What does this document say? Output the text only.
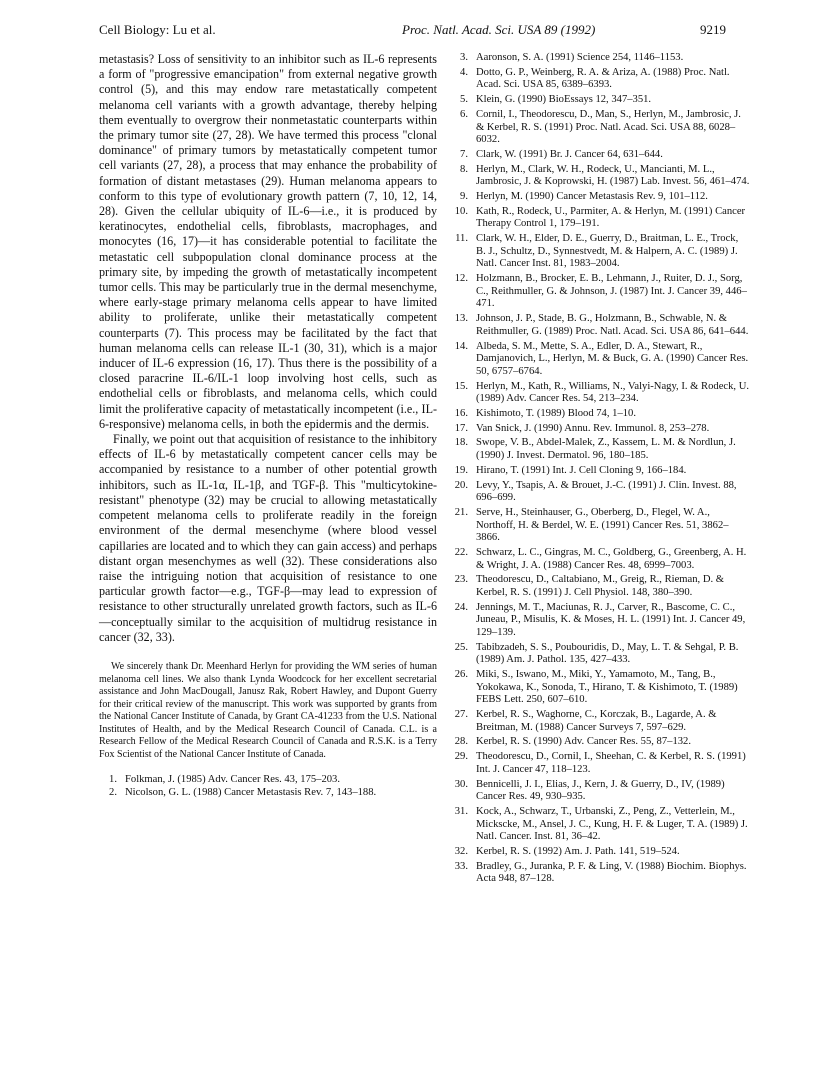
Cell Biology: Lu et al.	Proc. Natl. Acad. Sci. USA 89 (1992)	9219

metastasis? Loss of sensitivity to an inhibitor such as IL-6 represents a form of "progressive emancipation" from external negative growth control (5), and this may endow rare metastatically competent melanoma cell variants with a growth advantage, thereby helping them eventually to overgrow their nonmetastatic counterparts within the primary tumor site (27, 28). We have termed this process "clonal dominance" of primary tumors by metastatically competent tumor cell variants (27, 28), a process that may enhance the probability of formation of distant metastases (29). Human melanoma appears to conform to this type of evolutionary growth pattern (7, 10, 12, 14, 28). Given the cellular ubiquity of IL-6—i.e., it is produced by keratinocytes, endothelial cells, fibroblasts, macrophages, and monocytes (16, 17)—it has considerable potential to facilitate the metastatic cell subpopulation clonal dominance process at the primary site, by impeding the growth of metastatically incompetent tumor cells. This may be particularly true in the dermal mesenchyme, where early-stage primary melanoma cells appear to have limited ability to proliferate, unlike their metastatically competent counterparts (7). This process may be facilitated by the fact that human melanoma cells can release IL-1 (30, 31), which is a major inducer of IL-6 expression (16, 17). Thus there is the possibility of a closed paracrine IL-6/IL-1 loop involving host cells, such as endothelial cells or fibroblasts, and melanoma cells, which could limit the proliferative capacity of metastatically incompetent (i.e., IL-6-responsive) melanoma cells, in both the epidermis and the dermis.

Finally, we point out that acquisition of resistance to the inhibitory effects of IL-6 by metastatically competent cancer cells may be accompanied by resistance to a number of other potential growth inhibitors, such as IL-1α, IL-1β, and TGF-β. This "multicytokine-resistant" phenotype (32) may be crucial to allowing metastatically competent melanoma cells to proliferate readily in the foreign environment of the dermal mesenchyme (where blood vessel capillaries are located and to which they can gain access) and perhaps distant organ mesenchymes as well (32). These considerations also raise the intriguing notion that acquisition of resistance to one particular growth factor—e.g., TGF-β—may lead to expression of resistance to other structurally unrelated growth factors, such as IL-6—conceptually similar to the acquisition of multidrug resistance in cancer (32, 33).

We sincerely thank Dr. Meenhard Herlyn for providing the WM series of human melanoma cell lines. We also thank Lynda Woodcock for her excellent secretarial assistance and John MacDougall, Janusz Rak, Robert Hawley, and Dupont Guerry for their critical review of the manuscript. This work was supported by grants from the National Cancer Institute of Canada, by Grant CA-41233 from the U.S. National Institutes of Health, and by the Medical Research Council of Canada. C.L. is a Research Fellow of the Medical Research Council of Canada and R.S.K. is a Terry Fox Scientist of the National Cancer Institute of Canada.

1. Folkman, J. (1985) Adv. Cancer Res. 43, 175–203.
2. Nicolson, G. L. (1988) Cancer Metastasis Rev. 7, 143–188.
3. Aaronson, S. A. (1991) Science 254, 1146–1153.
4. Dotto, G. P., Weinberg, R. A. & Ariza, A. (1988) Proc. Natl. Acad. Sci. USA 85, 6389–6393.
5. Klein, G. (1990) BioEssays 12, 347–351.
6. Cornil, I., Theodorescu, D., Man, S., Herlyn, M., Jambrosic, J. & Kerbel, R. S. (1991) Proc. Natl. Acad. Sci. USA 88, 6028–6032.
7. Clark, W. (1991) Br. J. Cancer 64, 631–644.
8. Herlyn, M., Clark, W. H., Rodeck, U., Mancianti, M. L., Jambrosic, J. & Koprowski, H. (1987) Lab. Invest. 56, 461–474.
9. Herlyn, M. (1990) Cancer Metastasis Rev. 9, 101–112.
10. Kath, R., Rodeck, U., Parmiter, A. & Herlyn, M. (1991) Cancer Therapy Control 1, 179–191.
11. Clark, W. H., Elder, D. E., Guerry, D., Braitman, L. E., Trock, B. J., Schultz, D., Synnestvedt, M. & Halpern, A. C. (1989) J. Natl. Cancer Inst. 81, 1983–2004.
12. Holzmann, B., Brocker, E. B., Lehmann, J., Ruiter, D. J., Sorg, C., Reithmuller, G. & Johnson, J. (1987) Int. J. Cancer 39, 446–471.
13. Johnson, J. P., Stade, B. G., Holzmann, B., Schwable, N. & Reithmuller, G. (1989) Proc. Natl. Acad. Sci. USA 86, 641–644.
14. Albeda, S. M., Mette, S. A., Edler, D. A., Stewart, R., Damjanovich, L., Herlyn, M. & Buck, G. A. (1990) Cancer Res. 50, 6757–6764.
15. Herlyn, M., Kath, R., Williams, N., Valyi-Nagy, I. & Rodeck, U. (1989) Adv. Cancer Res. 54, 213–234.
16. Kishimoto, T. (1989) Blood 74, 1–10.
17. Van Snick, J. (1990) Annu. Rev. Immunol. 8, 253–278.
18. Swope, V. B., Abdel-Malek, Z., Kassem, L. M. & Nordlun, J. (1990) J. Invest. Dermatol. 96, 180–185.
19. Hirano, T. (1991) Int. J. Cell Cloning 9, 166–184.
20. Levy, Y., Tsapis, A. & Brouet, J.-C. (1991) J. Clin. Invest. 88, 696–699.
21. Serve, H., Steinhauser, G., Oberberg, D., Flegel, W. A., Northoff, H. & Berdel, W. E. (1991) Cancer Res. 51, 3862–3866.
22. Schwarz, L. C., Gingras, M. C., Goldberg, G., Greenberg, A. H. & Wright, J. A. (1988) Cancer Res. 48, 6999–7003.
23. Theodorescu, D., Caltabiano, M., Greig, R., Rieman, D. & Kerbel, R. S. (1991) J. Cell Physiol. 148, 380–390.
24. Jennings, M. T., Maciunas, R. J., Carver, R., Bascome, C. C., Juneau, P., Misulis, K. & Moses, H. L. (1991) Int. J. Cancer 49, 129–139.
25. Tabibzadeh, S. S., Poubouridis, D., May, L. T. & Sehgal, P. B. (1989) Am. J. Pathol. 135, 427–433.
26. Miki, S., Iswano, M., Miki, Y., Yamamoto, M., Tang, B., Yokokawa, K., Sonoda, T., Hirano, T. & Kishimoto, T. (1989) FEBS Lett. 250, 607–610.
27. Kerbel, R. S., Waghorne, C., Korczak, B., Lagarde, A. & Breitman, M. (1988) Cancer Surveys 7, 597–629.
28. Kerbel, R. S. (1990) Adv. Cancer Res. 55, 87–132.
29. Theodorescu, D., Cornil, I., Sheehan, C. & Kerbel, R. S. (1991) Int. J. Cancer 47, 118–123.
30. Bennicelli, J. I., Elias, J., Kern, J. & Guerry, D., IV, (1989) Cancer Res. 49, 930–935.
31. Kock, A., Schwarz, T., Urbanski, Z., Peng, Z., Vetterlein, M., Mickscke, M., Ansel, J. C., Kung, H. F. & Luger, T. A. (1989) J. Natl. Cancer. Inst. 81, 36–42.
32. Kerbel, R. S. (1992) Am. J. Path. 141, 519–524.
33. Bradley, G., Juranka, P. F. & Ling, V. (1988) Biochim. Biophys. Acta 948, 87–128.
